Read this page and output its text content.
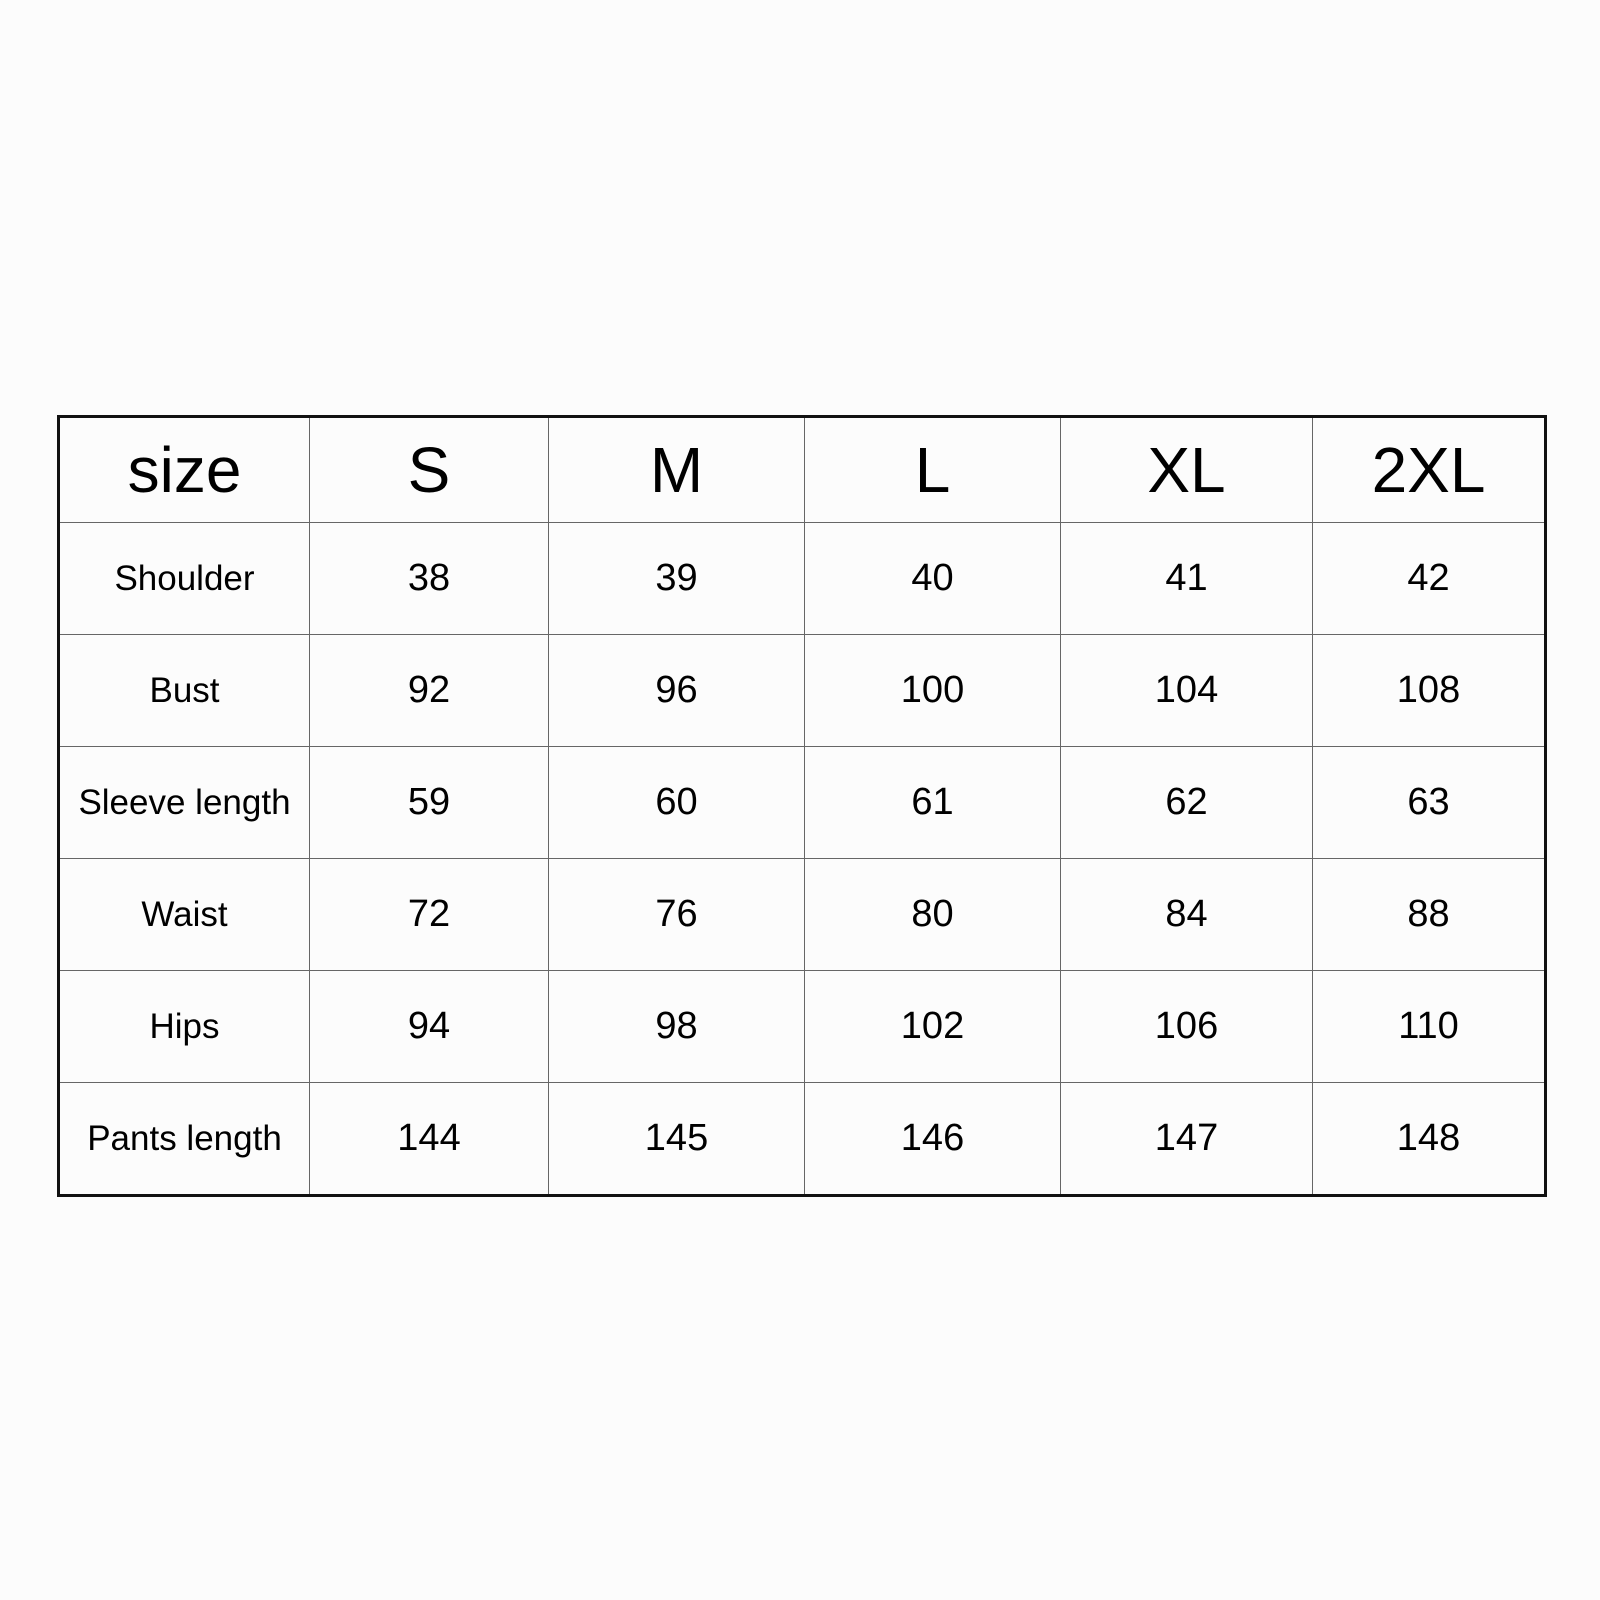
size	S	M	L	XL	2XL
Shoulder	38	39	40	41	42
Bust	92	96	100	104	108
Sleeve length	59	60	61	62	63
Waist	72	76	80	84	88
Hips	94	98	102	106	110
Pants length	144	145	146	147	148
